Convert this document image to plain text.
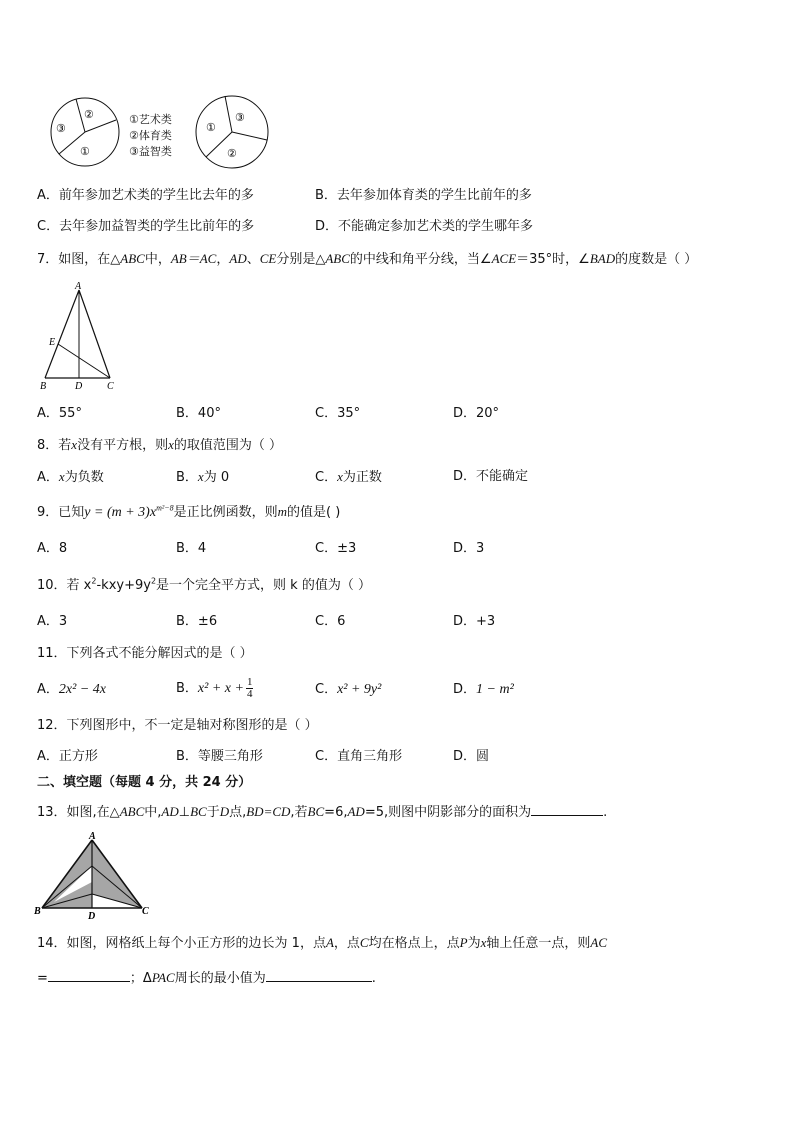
③
②
①
①
③
②
①艺术类
②体育类
③益智类
A．前年参加艺术类的学生比去年的多	B．去年参加体育类的学生比前年的多
C．去年参加益智类的学生比前年的多	D．不能确定参加艺术类的学生哪年多
7．如图，在△ABC中，AB＝AC，AD、CE分别是△ABC的中线和角平分线，当∠ACE＝35°时，∠BAD的度数是（ ）
A
E
B	D C
A．55°	B．40°	C．35°	D．20°
8．若x没有平方根，则x的取值范围为（ ）
A．x为负数	B．x为 0	C．x为正数	D．不能确定
9．已知$y = (m + 3)x^{m^2-8}$是正比例函数，则m的值是( )
A．8	B．4	C．±3	D．3
10．若 $x^2-kxy+9y^2$是一个完全平方式，则 k 的值为（ ）
A．3	B．±6	C．6	D．+3
11．下列各式不能分解因式的是（ ）
A．2x² − 4x	B．$x^2 + x + \frac{1}{4}$	C．x² + 9y²	D．1 − m²
12．下列图形中，不一定是轴对称图形的是（ ）
A．正方形	B．等腰三角形	C．直角三角形	D．圆
二、填空题（每题 4 分，共 24 分）
13．如图,在△ABC中,AD⊥BC于D点,BD=CD,若BC=6,AD=5,则图中阴影部分的面积为	.
A
B	D	C
14．如图，网格纸上每个小正方形的边长为 1，点A，点C均在格点上，点P为x轴上任意一点，则AC
=	；ΔPAC周长的最小值为	.
